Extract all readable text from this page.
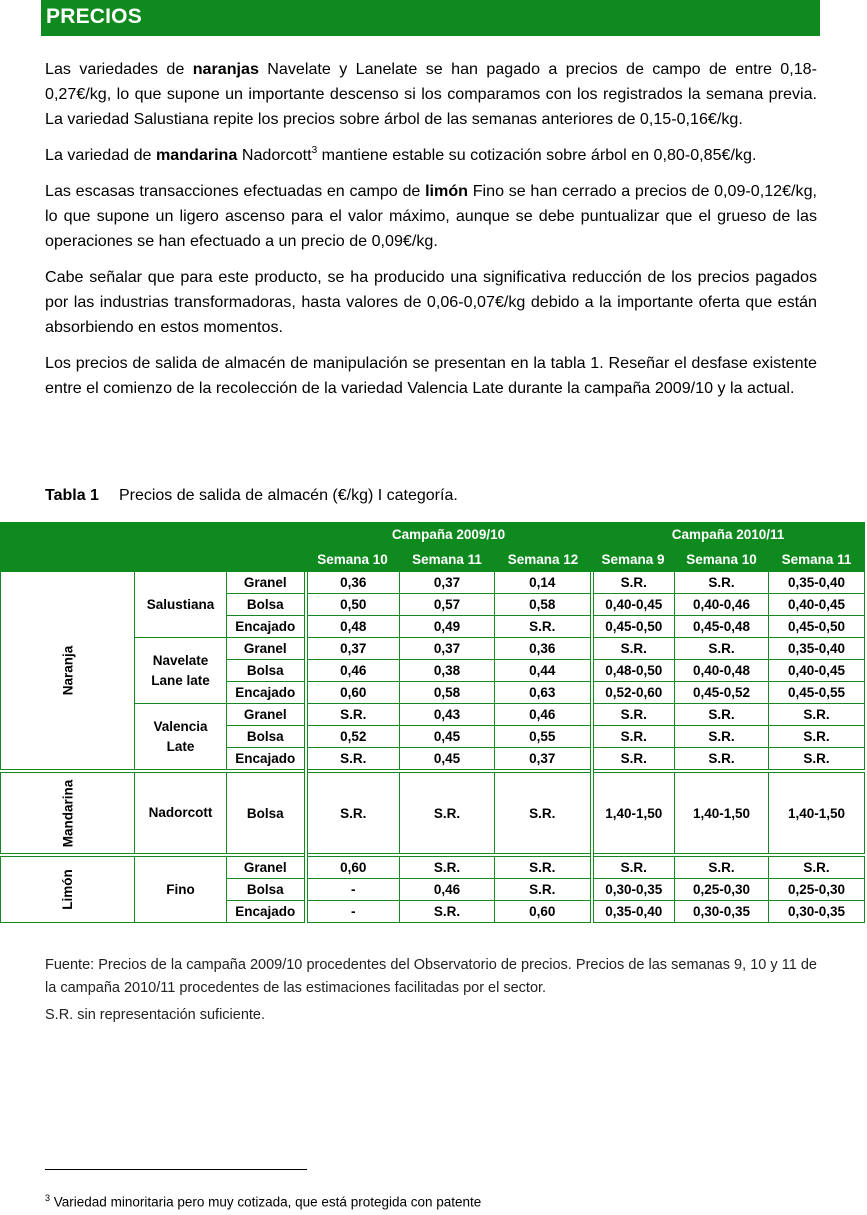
PRECIOS

Las variedades de naranjas Navelate y Lanelate se han pagado a precios de campo de entre 0,18-0,27€/kg, lo que supone un importante descenso si los comparamos con los registrados la semana previa. La variedad Salustiana repite los precios sobre árbol de las semanas anteriores de 0,15-0,16€/kg.

La variedad de mandarina Nadorcott$^3$ mantiene estable su cotización sobre árbol en 0,80-0,85€/kg.

Las escasas transacciones efectuadas en campo de limón Fino se han cerrado a precios de 0,09-0,12€/kg, lo que supone un ligero ascenso para el valor máximo, aunque se debe puntualizar que el grueso de las operaciones se han efectuado a un precio de 0,09€/kg.

Cabe señalar que para este producto, se ha producido una significativa reducción de los precios pagados por las industrias transformadoras, hasta valores de 0,06-0,07€/kg debido a la importante oferta que están absorbiendo en estos momentos.

Los precios de salida de almacén de manipulación se presentan en la tabla 1. Reseñar el desfase existente entre el comienzo de la recolección de la variedad Valencia Late durante la campaña 2009/10 y la actual.

Tabla 1 Precios de salida de almacén (€/kg) I categoría.
			Campaña 2009/10			Campaña 2010/11		
			Semana 10	Semana 11	Semana 12	Semana 9	Semana 10	Semana 11
Naranja	Salustiana	Granel	0,36	0,37	0,14	S.R.	S.R.	0,35-0,40
		Bolsa	0,50	0,57	0,58	0,40-0,45	0,40-0,46	0,40-0,45
		Encajado	0,48	0,49	S.R.	0,45-0,50	0,45-0,48	0,45-0,50
	Navelate
Lane late	Granel	0,37	0,37	0,36	S.R.	S.R.	0,35-0,40
		Bolsa	0,46	0,38	0,44	0,48-0,50	0,40-0,48	0,40-0,45
		Encajado	0,60	0,58	0,63	0,52-0,60	0,45-0,52	0,45-0,55
	Valencia
Late	Granel	S.R.	0,43	0,46	S.R.	S.R.	S.R.
		Bolsa	0,52	0,45	0,55	S.R.	S.R.	S.R.
		Encajado	S.R.	0,45	0,37	S.R.	S.R.	S.R.
Mandarina	Nadorcott	Bolsa	S.R.	S.R.	S.R.	1,40-1,50	1,40-1,50	1,40-1,50
Limón	Fino	Granel	0,60	S.R.	S.R.	S.R.	S.R.	S.R.
		Bolsa	-	0,46	S.R.	0,30-0,35	0,25-0,30	0,25-0,30
		Encajado	-	S.R.	0,60	0,35-0,40	0,30-0,35	0,30-0,35

Fuente: Precios de la campaña 2009/10 procedentes del Observatorio de precios. Precios de las semanas 9, 10 y 11 de la campaña 2010/11 procedentes de las estimaciones facilitadas por el sector.

S.R. sin representación suficiente.

$^3$ Variedad minoritaria pero muy cotizada, que está protegida con patente
